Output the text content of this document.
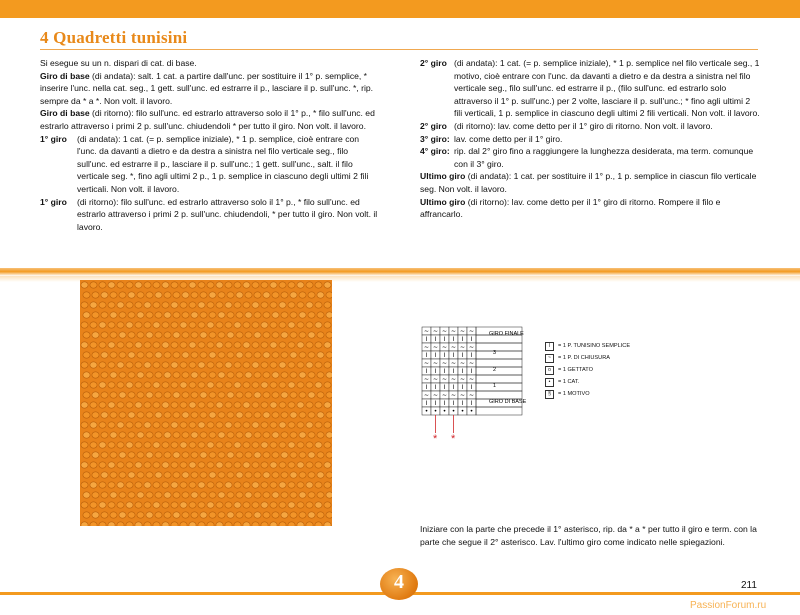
4 Quadretti tunisini

Si esegue su un n. dispari di cat. di base.

Giro di base (di andata): salt. 1 cat. a partire dall'unc. per sostituire il 1° p. semplice, * inserire l'unc. nella cat. seg., 1 gett. sull'unc. ed estrarre il p., lasciare il p. sull'unc. *, rip. sempre da * a *. Non volt. il lavoro.

Giro di base (di ritorno): filo sull'unc. ed estrarlo attraverso solo il 1° p., * filo sull'unc. ed estrarlo attraverso i primi 2 p. sull'unc. chiudendoli * per tutto il giro. Non volt. il lavoro.

1° giro	(di andata): 1 cat. (= p. semplice iniziale), * 1 p. semplice, cioè entrare con l'unc. da davanti a dietro e da destra a sinistra nel filo verticale seg., filo sull'unc. ed estrarre il p., lasciare il p. sull'unc.; 1 gett. sull'unc., salt. il filo verticale seg. *, fino agli ultimi 2 p., 1 p. semplice in ciascuno degli ultimi 2 fili verticali. Non volt. il lavoro.
1° giro	(di ritorno): filo sull'unc. ed estrarlo attraverso solo il 1° p., * filo sull'unc. ed estrarlo attraverso i primi 2 p. sull'unc. chiudendoli, * per tutto il giro. Non volt. il lavoro.
2° giro (di andata): 1 cat. (= p. semplice iniziale), * 1 p. semplice nel filo verticale seg., 1 motivo, cioè entrare con l'unc. da davanti a dietro e da destra a sinistra nel filo verticale seg., filo sull'unc. ed estrarre il p., (filo sull'unc. ed estrarlo solo attraverso il 1° p. sull'unc.) per 2 volte, lasciare il p. sull'unc.; * fino agli ultimi 2 fili verticali, 1 p. semplice in ciascuno degli ultimi 2 fili verticali. Non volt. il lavoro.
2° giro (di ritorno): lav. come detto per il 1° giro di ritorno. Non volt. il lavoro.
3° giro: lav. come detto per il 1° giro.
4° giro: rip. dal 2° giro fino a raggiungere la lunghezza desiderata, ma term. comunque con il 3° giro.

Ultimo giro (di andata): 1 cat. per sostituire il 1° p., 1 p. semplice in ciascun filo verticale seg. Non volt. il lavoro.

Ultimo giro (di ritorno): lav. come detto per il 1° giro di ritorno. Rompere il filo e affrancarlo.

~ ~ ~ ~ ~ ~
I I I I I I
~ ~ ~ ~ ~ ~
I I I I I I
~ ~ ~ ~ ~ ~
I I I I I I
~ ~ ~ ~ ~ ~
I I I I I I
~ ~ ~ ~ ~ ~
I I I I I I
• • • • • •
GIRO FINALE
3
2
1
GIRO DI BASE
* *
I	= 1 P. TUNISINO SEMPLICE
~	= 1 P. DI CHIUSURA
o	= 1 GETTATO
•	= 1 CAT.
§	= 1 MOTIVO
Iniziare con la parte che precede il 1° asterisco, rip. da * a * per tutto il giro e term. con la parte che segue il 2° asterisco. Lav. l'ultimo giro come indicato nelle spiegazioni.
4	211
PassionForum.ru
